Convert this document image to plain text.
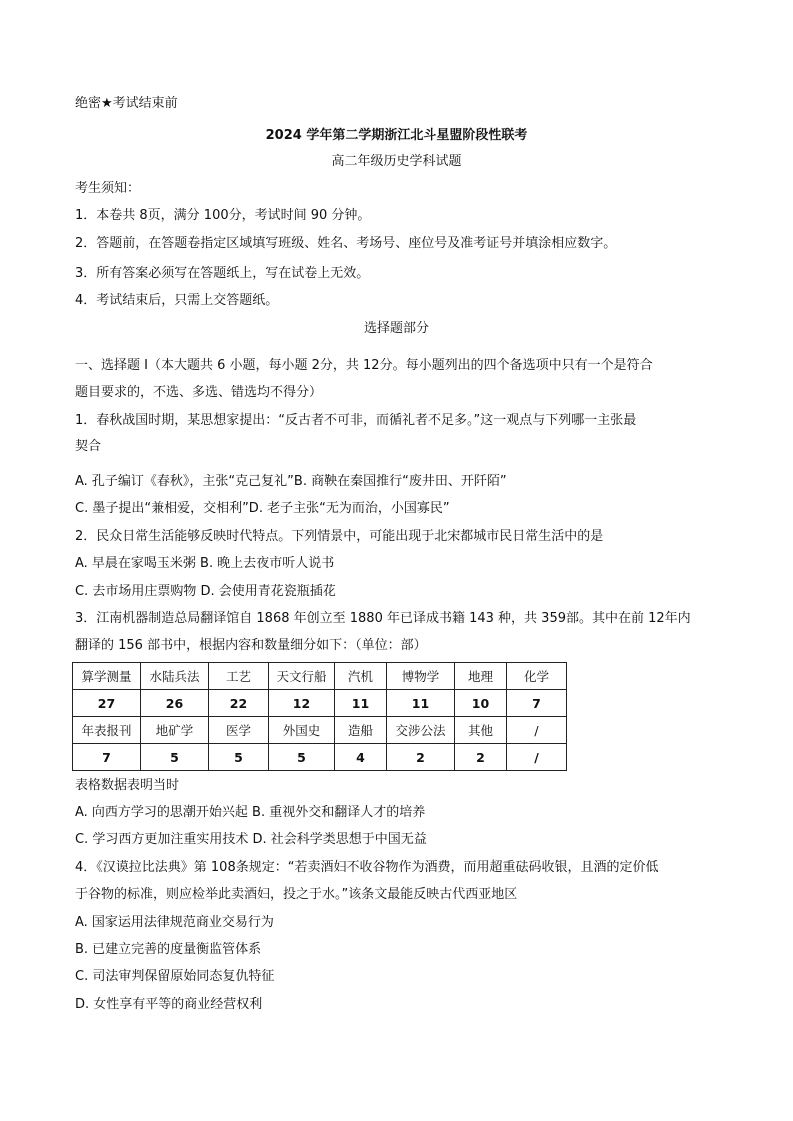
绝密★考试结束前
2024 学年第二学期浙江北斗星盟阶段性联考
高二年级历史学科试题
考生须知：
1．本卷共 8页，满分 100分，考试时间 90 分钟。
2．答题前，在答题卷指定区域填写班级、姓名、考场号、座位号及准考证号并填涂相应数字。
3．所有答案必须写在答题纸上，写在试卷上无效。
4．考试结束后，只需上交答题纸。
选择题部分
一、选择题 I（本大题共 6 小题，每小题 2分，共 12分。每小题列出的四个备选项中只有一个是符合
题目要求的，不选、多选、错选均不得分）
1．春秋战国时期，某思想家提出：“反古者不可非，而循礼者不足多。”这一观点与下列哪一主张最
契合
A. 孔子编订《春秋》，主张“克己复礼”B. 商鞅在秦国推行“废井田、开阡陌”
C. 墨子提出“兼相爱，交相利”D. 老子主张“无为而治，小国寡民”
2．民众日常生活能够反映时代特点。下列情景中，可能出现于北宋都城市民日常生活中的是
A. 早晨在家喝玉米粥 B. 晚上去夜市听人说书
C. 去市场用庄票购物 D. 会使用青花瓷瓶插花
3．江南机器制造总局翻译馆自 1868 年创立至 1880 年已译成书籍 143 种，共 359部。其中在前 12年内
翻译的 156 部书中，根据内容和数量细分如下：（单位：部）
算学测量	水陆兵法	工艺	天文行船	汽机	博物学	地理	化学
27	26	22	12	11	11	10	7
年表报刊	地矿学	医学	外国史	造船	交涉公法	其他	/
7	5	5	5	4	2	2	/
表格数据表明当时
A. 向西方学习的思潮开始兴起 B. 重视外交和翻译人才的培养
C. 学习西方更加注重实用技术 D. 社会科学类思想于中国无益
4．《汉谟拉比法典》第 108条规定：“若卖酒妇不收谷物作为酒费，而用超重砝码收银，且酒的定价低
于谷物的标准，则应检举此卖酒妇，投之于水。”该条文最能反映古代西亚地区
A. 国家运用法律规范商业交易行为
B. 已建立完善的度量衡监管体系
C. 司法审判保留原始同态复仇特征
D. 女性享有平等的商业经营权利
